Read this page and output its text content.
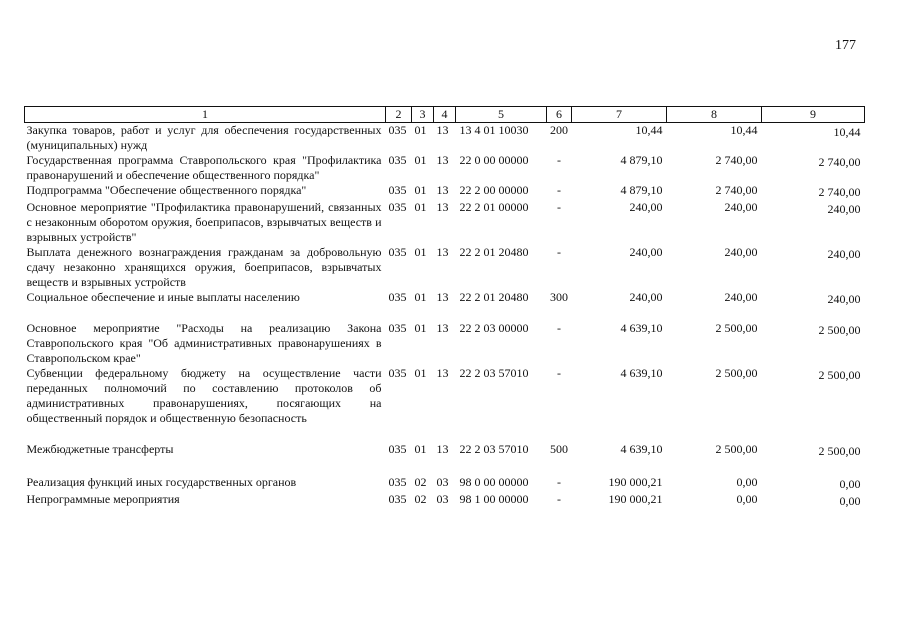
177
1	2	3	4	5	6	7	8	9
Закупка товаров, работ и услуг для обеспечения государственных (муниципальных) нужд	035	01	13	13 4 01 10030	200	10,44	10,44	10,44
Государственная программа Ставропольского края "Профилактика правонарушений и обеспечение общественного порядка"	035	01	13	22 0 00 00000	-	4 879,10	2 740,00	2 740,00
Подпрограмма "Обеспечение общественного порядка"	035	01	13	22 2 00 00000	-	4 879,10	2 740,00	2 740,00
Основное мероприятие "Профилактика правонарушений, связанных с незаконным оборотом оружия, боеприпасов, взрывчатых веществ и взрывных устройств"	035	01	13	22 2 01 00000	-	240,00	240,00	240,00
Выплата денежного вознаграждения гражданам за добровольную сдачу незаконно хранящихся оружия, боеприпасов, взрывчатых веществ и взрывных устройств	035	01	13	22 2 01 20480	-	240,00	240,00	240,00
Социальное обеспечение и иные выплаты населению	035	01	13	22 2 01 20480	300	240,00	240,00	240,00

Основное мероприятие "Расходы на реализацию Закона Ставропольского края "Об административных правонарушениях в Ставропольском крае"	035	01	13	22 2 03 00000	-	4 639,10	2 500,00	2 500,00
Субвенции федеральному бюджету на осуществление части переданных полномочий по составлению протоколов об административных правонарушениях, посягающих на общественный порядок и общественную безопасность	035	01	13	22 2 03 57010	-	4 639,10	2 500,00	2 500,00

Межбюджетные трансферты	035	01	13	22 2 03 57010	500	4 639,10	2 500,00	2 500,00

Реализация функций иных государственных органов	035	02	03	98 0 00 00000	-	190 000,21	0,00	0,00
Непрограммные мероприятия	035	02	03	98 1 00 00000	-	190 000,21	0,00	0,00
